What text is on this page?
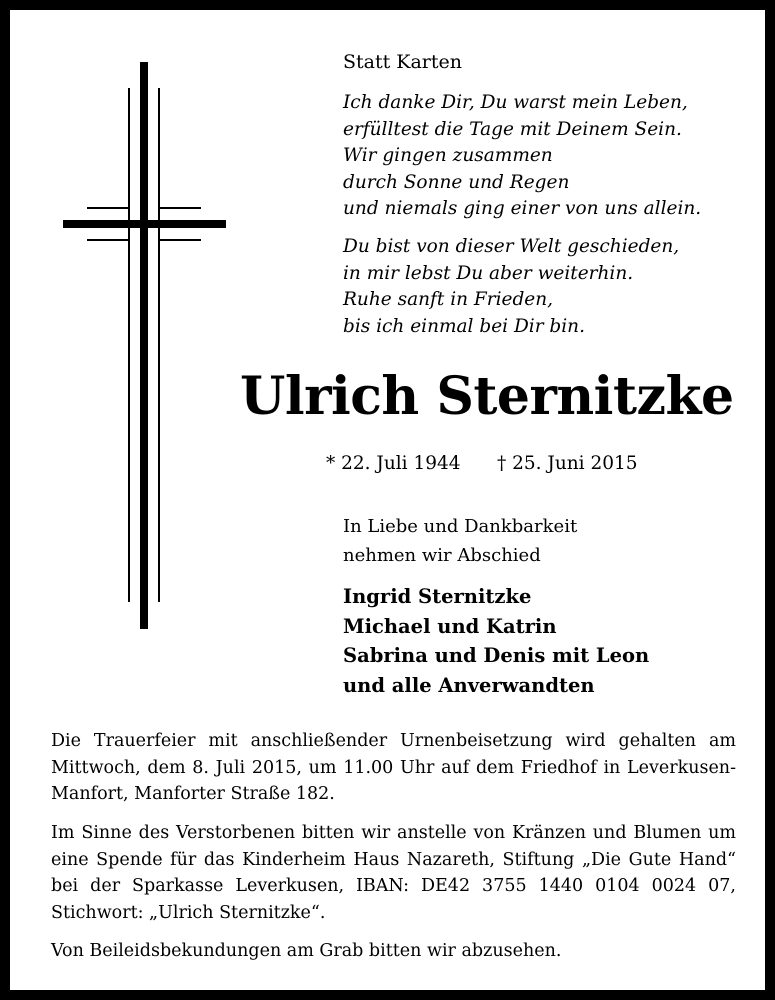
Statt Karten

Ich danke Dir, Du warst mein Leben,
erfülltest die Tage mit Deinem Sein.
Wir gingen zusammen
durch Sonne und Regen
und niemals ging einer von uns allein.
Du bist von dieser Welt geschieden,
in mir lebst Du aber weiterhin.
Ruhe sanft in Frieden,
bis ich einmal bei Dir bin.
Ulrich Sternitzke

* 22. Juli 1944 † 25. Juni 2015

In Liebe und Dankbarkeit
nehmen wir Abschied
Ingrid Sternitzke
Michael und Katrin
Sabrina und Denis mit Leon
und alle Anverwandten

Die Trauerfeier mit anschließender Urnenbeisetzung wird gehalten am Mittwoch, dem 8. Juli 2015, um 11.00 Uhr auf dem Friedhof in Leverkusen-Manfort, Manforter Straße 182.

Im Sinne des Verstorbenen bitten wir anstelle von Kränzen und Blumen um eine Spende für das Kinderheim Haus Nazareth, Stiftung „Die Gute Hand“ bei der Sparkasse Leverkusen, IBAN: DE42 3755 1440 0104 0024 07, Stichwort: „Ulrich Sternitzke“.

Von Beileidsbekundungen am Grab bitten wir abzusehen.
